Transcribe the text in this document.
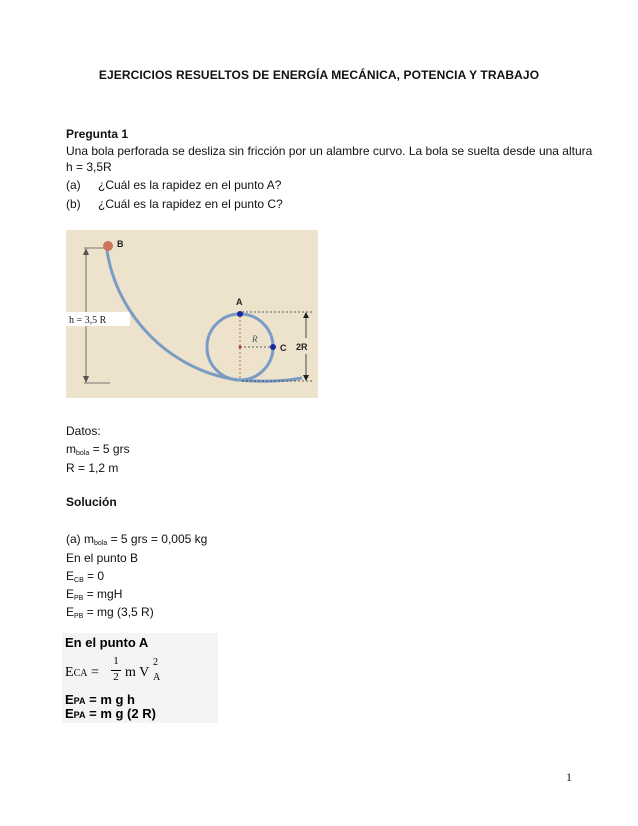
EJERCICIOS RESUELTOS DE ENERGÍA MECÁNICA, POTENCIA Y TRABAJO
Pregunta 1
Una bola perforada se desliza sin fricción por un alambre curvo. La bola se suelta desde una altura
h = 3,5R
(a) ¿Cuál es la rapidez en el punto A?
(b) ¿Cuál es la rapidez en el punto C?
h = 3,5 R
B
A
R
C 2R
Datos:
$m_{bola} = 5$ grs
R = 1,2 m
Solución
(a) $m_{bola} = 5$ grs = 0,005 kg
En el punto B
$E_{CB} = 0$
$E_{PB}$ = mgH
$E_{PB}$ = mg (3,5 R)
En el punto A
ECA =
1
2 m V
2
A
EPA = m g h
EPA = m g (2 R)
1
